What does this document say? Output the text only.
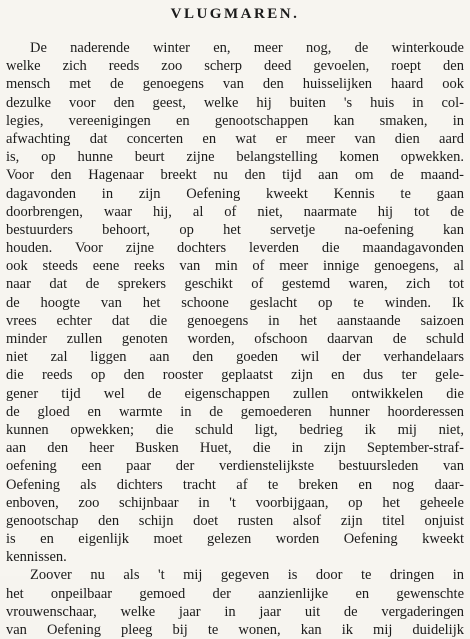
VLUGMAREN.
De naderende winter en, meer nog, de winterkoude
welke zich reeds zoo scherp deed gevoelen, roept den
mensch met de genoegens van den huisselijken haard ook
dezulke voor den geest, welke hij buiten 's huis in col-
legies, vereenigingen en genootschappen kan smaken, in
afwachting dat concerten en wat er meer van dien aard
is, op hunne beurt zijne belangstelling komen opwekken.
Voor den Hagenaar breekt nu den tijd aan om de maand-
dagavonden in zijn Oefening kweekt Kennis te gaan
doorbrengen, waar hij, al of niet, naarmate hij tot de
bestuurders behoort, op het servetje na-oefening kan
houden. Voor zijne dochters leverden die maandagavonden
ook steeds eene reeks van min of meer innige genoegens, al
naar dat de sprekers geschikt of gestemd waren, zich tot
de hoogte van het schoone geslacht op te winden. Ik
vrees echter dat die genoegens in het aanstaande saizoen
minder zullen genoten worden, ofschoon daarvan de schuld
niet zal liggen aan den goeden wil der verhandelaars
die reeds op den rooster geplaatst zijn en dus ter gele-
gener tijd wel de eigenschappen zullen ontwikkelen die
de gloed en warmte in de gemoederen hunner hoorderessen
kunnen opwekken; die schuld ligt, bedrieg ik mij niet,
aan den heer Busken Huet, die in zijn September-straf-
oefening een paar der verdienstelijkste bestuursleden van
Oefening als dichters tracht af te breken en nog daar-
enboven, zoo schijnbaar in 't voorbijgaan, op het geheele
genootschap den schijn doet rusten alsof zijn titel onjuist
is en eigenlijk moet gelezen worden Oefening kweekt
kennissen.
Zoover nu als 't mij gegeven is door te dringen in
het onpeilbaar gemoed der aanzienlijke en gewenschte
vrouwenschaar, welke jaar in jaar uit de vergaderingen
van Oefening pleeg bij te wonen, kan ik mij duidelijk
